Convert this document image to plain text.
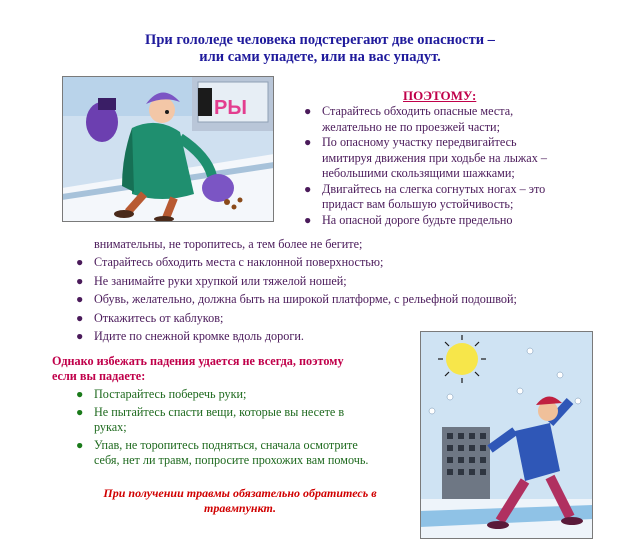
При гололеде человека подстерегают две опасности –
или сами упадете, или на вас упадут.
РЫ
ПОЭТОМУ:
● Старайтесь обходить опасные места,
желательно не по проезжей части;
● По опасному участку передвигайтесь
имитируя движения при ходьбе на лыжах –
небольшими скользящими шажками;
● Двигайтесь на слегка согнутых ногах – это
придаст вам большую устойчивость;
● На опасной дороге будьте предельно
внимательны, не торопитесь, а тем более не бегите;
● Старайтесь обходить места с наклонной поверхностью;
● Не занимайте руки хрупкой или тяжелой ношей;
● Обувь, желательно, должна быть на широкой платформе, с рельефной подошвой;
● Откажитесь от каблуков;
● Идите по снежной кромке вдоль дороги.
Однако избежать падения удается не всегда, поэтому
если вы падаете:
● Постарайтесь поберечь руки;
● Не пытайтесь спасти вещи, которые вы несете в
руках;
● Упав, не торопитесь подняться, сначала осмотрите
себя, нет ли травм, попросите прохожих вам помочь.
При получении травмы обязательно обратитесь в
травмпункт.
